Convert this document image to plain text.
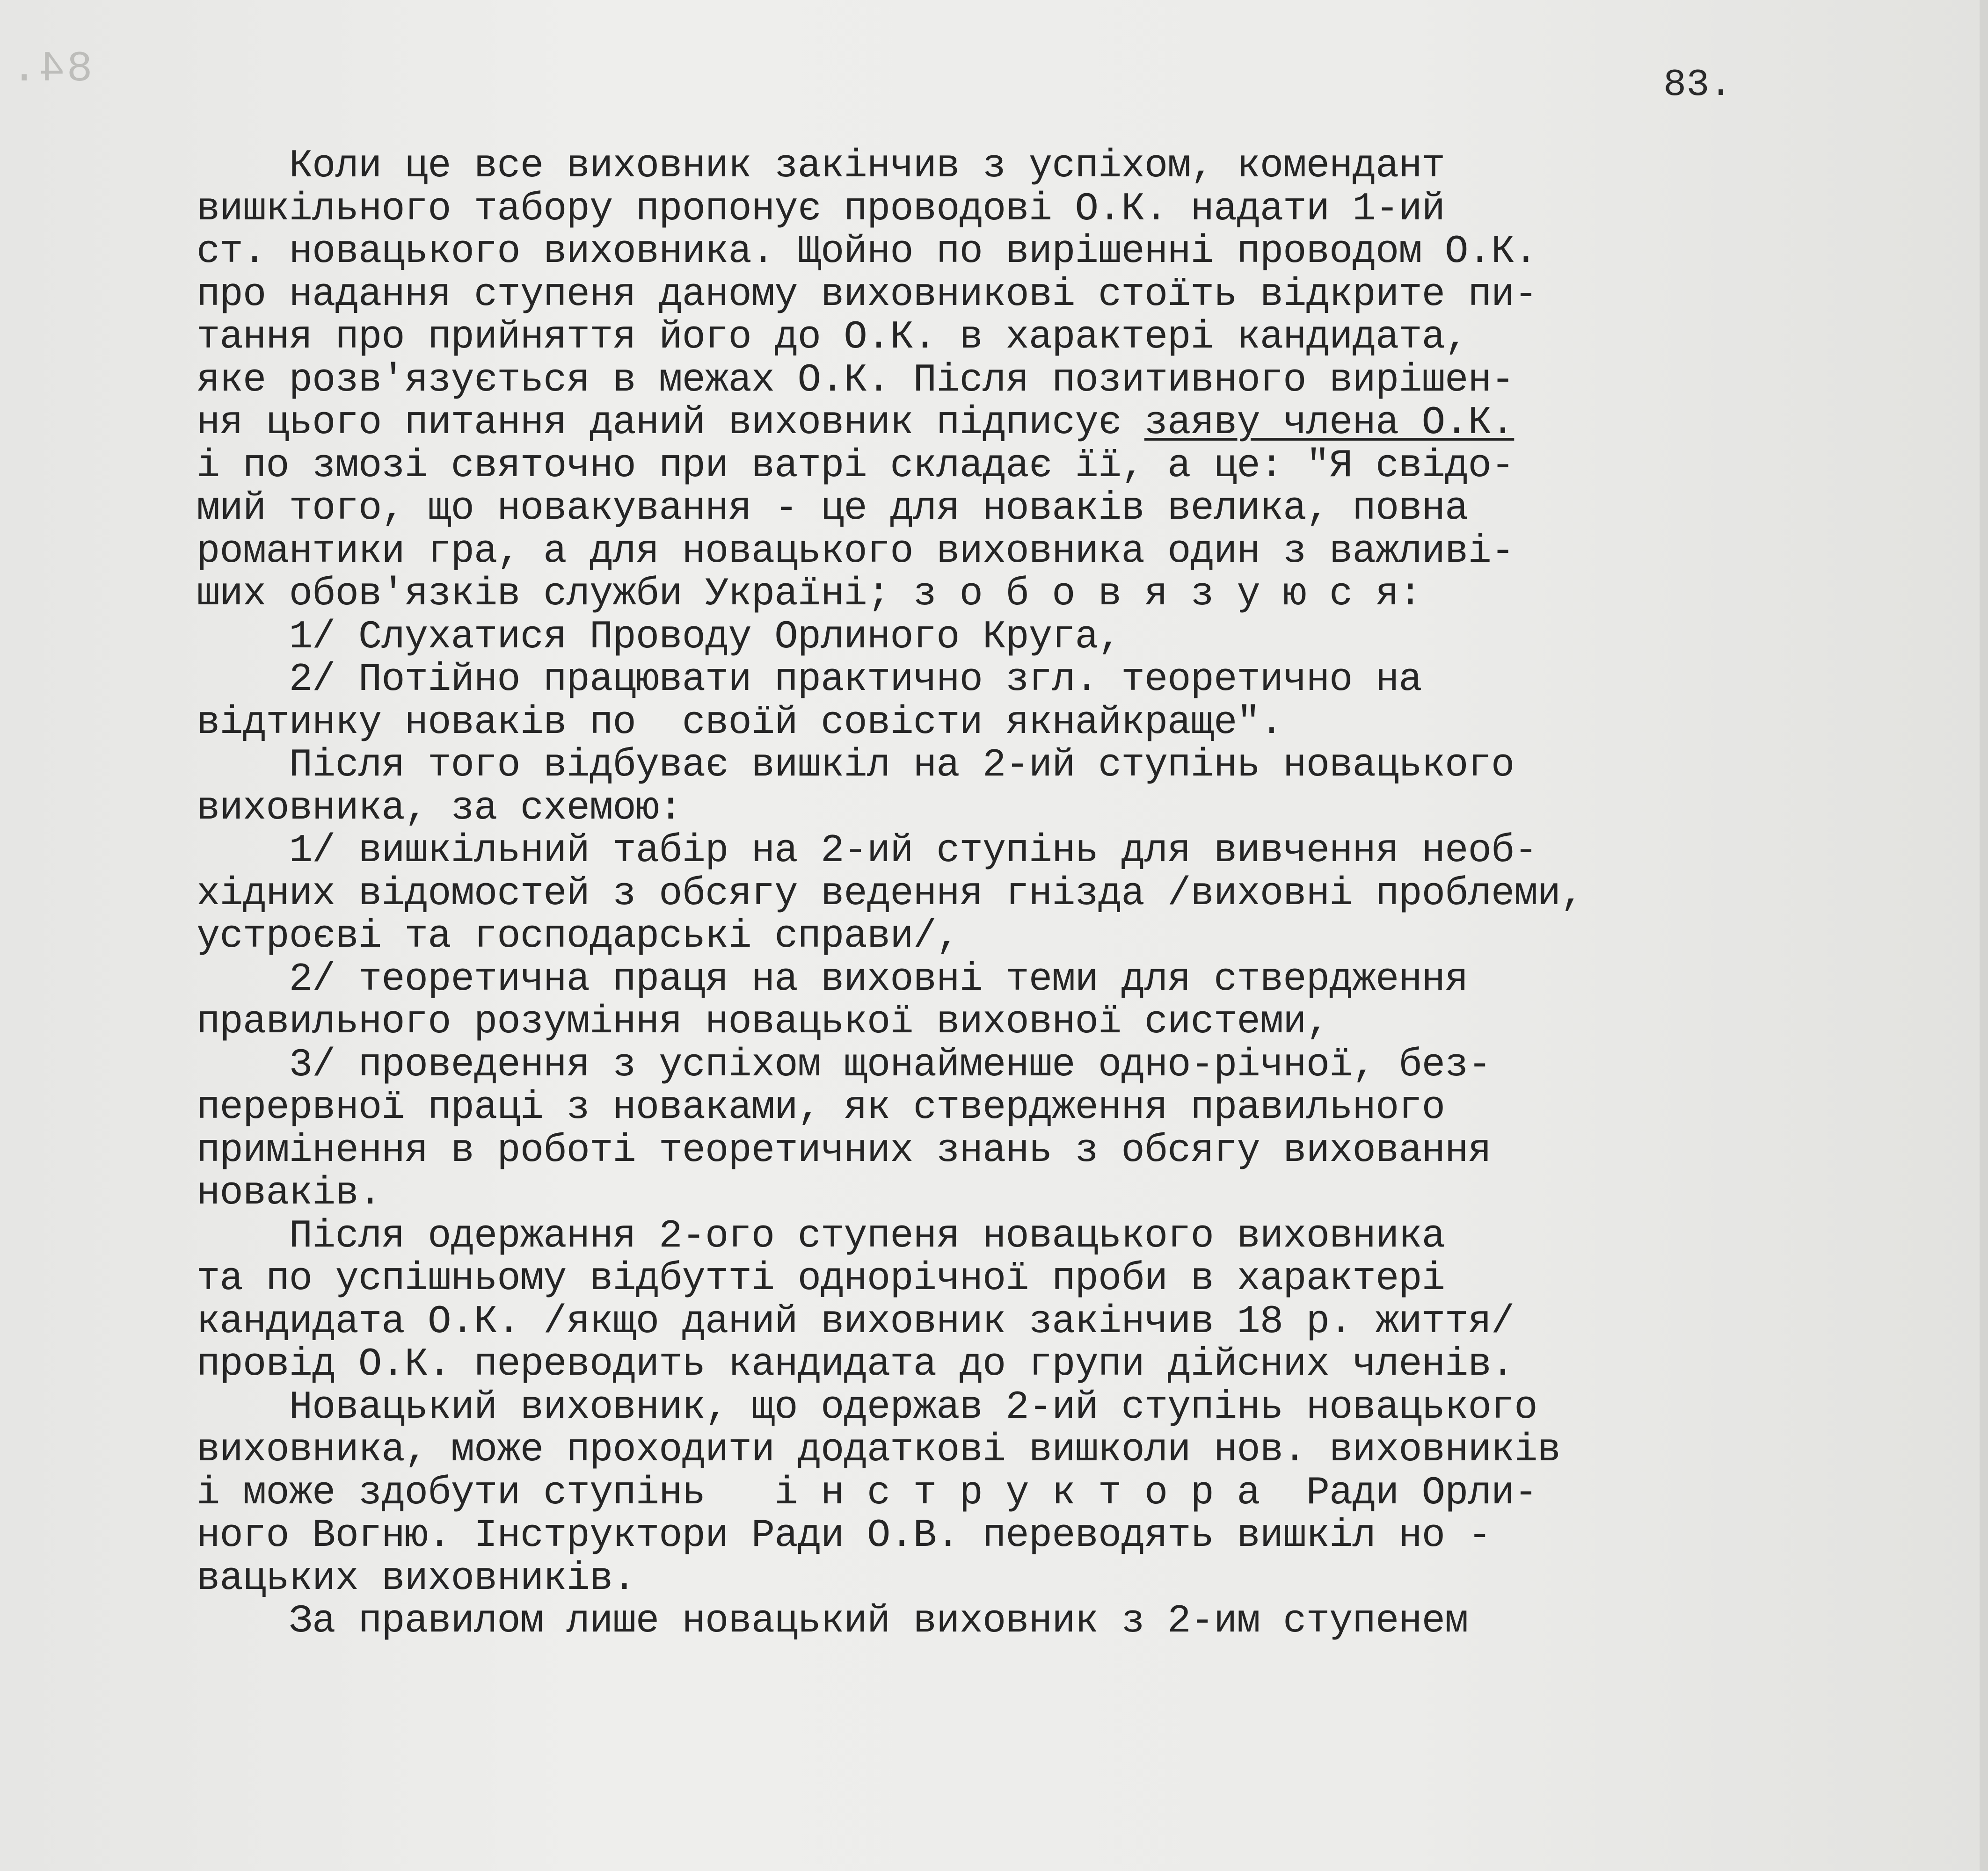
84.	83.
Коли це все виховник закінчив з успіхом, комендант
вишкільного табору пропонує проводові О.К. надати 1-ий
ст. новацького виховника. Щойно по вирішенні проводом О.К.
про надання ступеня даному виховникові стоїть відкрите пи-
тання про прийняття його до О.К. в характері кандидата,
яке розв'язується в межах О.К. Після позитивного вирішен-
ня цього питання даний виховник підписує заяву члена О.К.
і по змозі святочно при ватрі складає її, а це: "Я свідо-
мий того, що новакування - це для новаків велика, повна
романтики гра, а для новацького виховника один з важливі-
ших обов'язків служби Україні; з о б о в я з у ю с я:
1/ Слухатися Проводу Орлиного Круга,
2/ Потійно працювати практично згл. теоретично на
відтинку новаків по  своїй совісти якнайкраще".
Після того відбуває вишкіл на 2-ий ступінь новацького
виховника, за схемою:
1/ вишкільний табір на 2-ий ступінь для вивчення необ-
хідних відомостей з обсягу ведення гнізда /виховні проблеми,
устроєві та господарські справи/,
2/ теоретична праця на виховні теми для ствердження
правильного розуміння новацької виховної системи,
3/ проведення з успіхом щонайменше одно-річної, без-
перервної праці з новаками, як ствердження правильного
примінення в роботі теоретичних знань з обсягу виховання
новаків.
Після одержання 2-ого ступеня новацького виховника
та по успішньому відбутті однорічної проби в характері
кандидата О.К. /якщо даний виховник закінчив 18 р. життя/
провід О.К. переводить кандидата до групи дійсних членів.
Новацький виховник, що одержав 2-ий ступінь новацького
виховника, може проходити додаткові вишколи нов. виховників
і може здобути ступінь   і н с т р у к т о р а  Ради Орли-
ного Вогню. Інструктори Ради О.В. переводять вишкіл но -
вацьких виховників.
За правилом лише новацький виховник з 2-им ступенем
